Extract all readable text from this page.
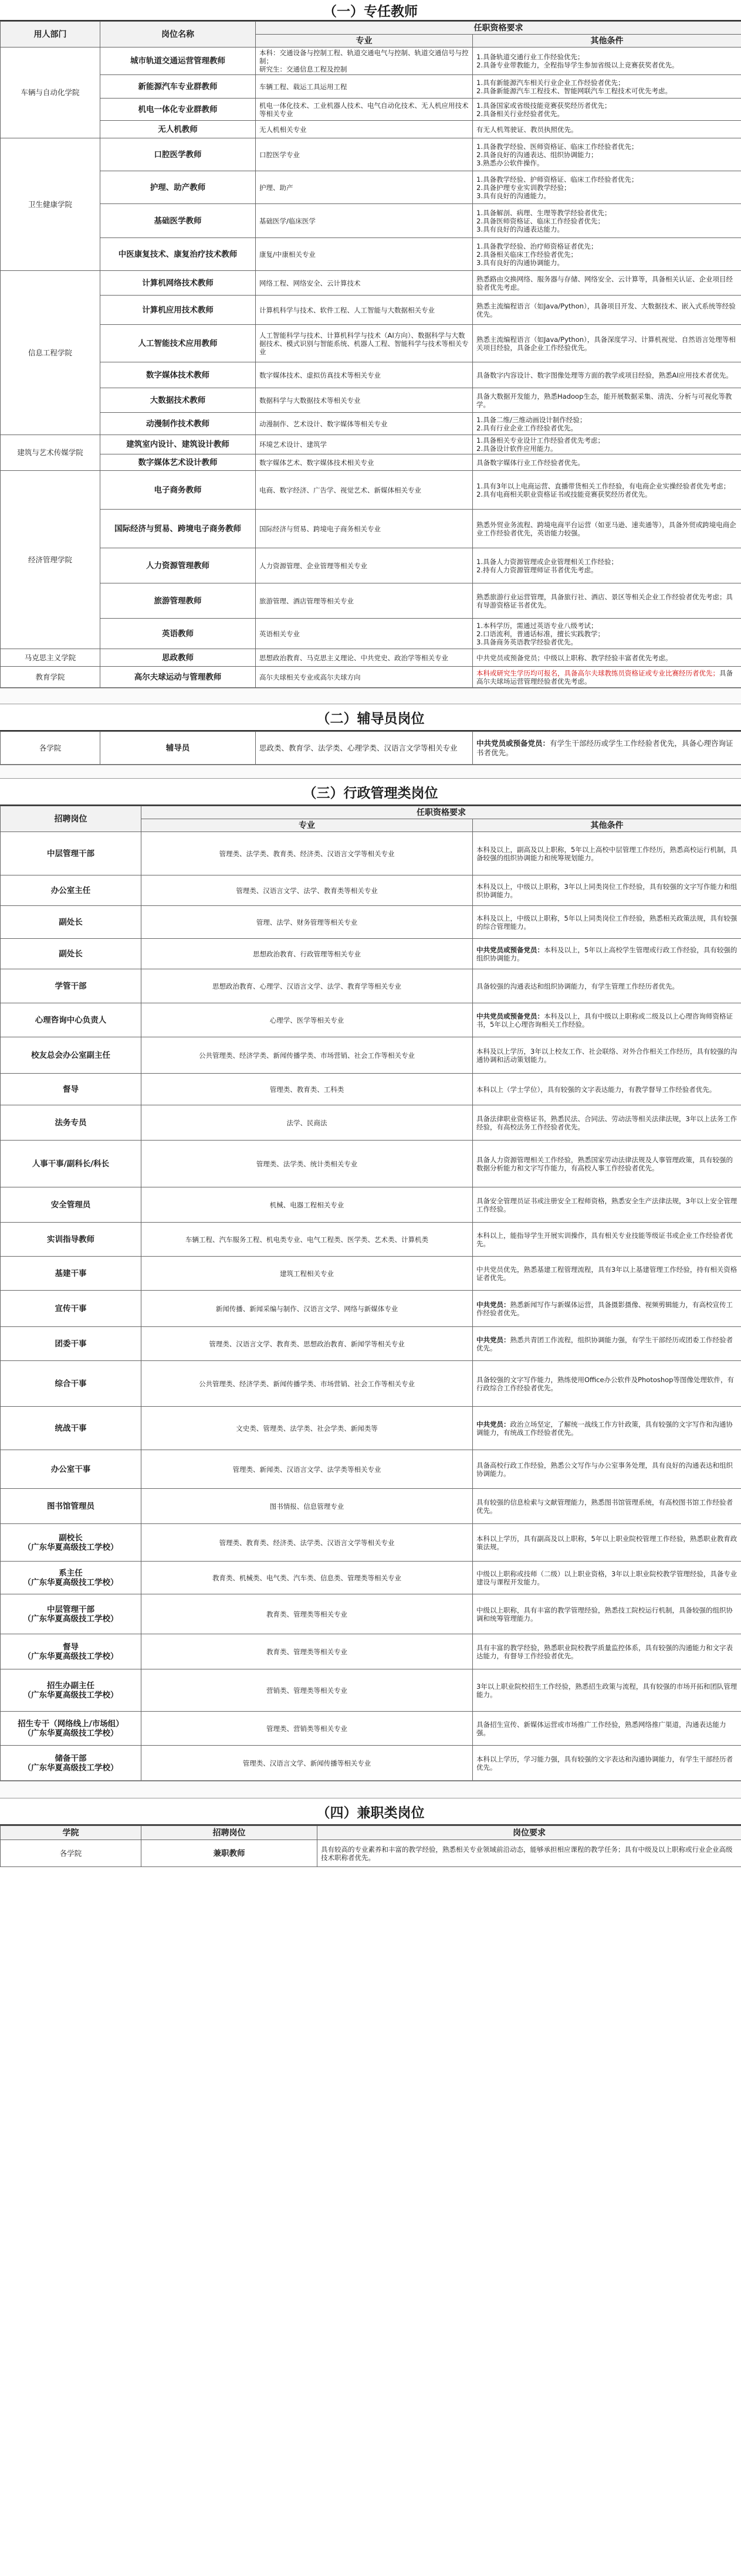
（一）专任教师
用人部门	岗位名称	任职资格要求	
		专业	其他条件
车辆与自动化学院	城市轨道交通运营管理教师	本科：交通设备与控制工程、轨道交通电气与控制、轨道交通信号与控制；
研究生：交通信息工程及控制	1.具备轨道交通行业工作经验优先；
2.具备专业带教能力，全程指导学生参加省级以上竞赛获奖者优先。
	新能源汽车专业群教师	车辆工程、载运工具运用工程	1.具有新能源汽车相关行业企业工作经验者优先；
2.具备新能源汽车工程技术、智能网联汽车工程技术可优先考虑。
	机电一体化专业群教师	机电一体化技术、工业机器人技术、电气自动化技术、无人机应用技术等相关专业	1.具备国家或省级技能竞赛获奖经历者优先；
2.具备相关行业经验者优先。
	无人机教师	无人机相关专业	有无人机驾驶证、教员执照优先。
卫生健康学院	口腔医学教师	口腔医学专业	1.具备教学经验、医师资格证、临床工作经验者优先；
2.具备良好的沟通表达、组织协调能力；
3.熟悉办公软件操作。
	护理、助产教师	护理、助产	1.具备教学经验、护师资格证、临床工作经验者优先；
2.具备护理专业实训教学经验；
3.具有良好的沟通能力。
	基础医学教师	基础医学/临床医学	1.具备解剖、病理、生理等教学经验者优先；
2.具备医师资格证、临床工作经验者优先；
3.具有良好的沟通表达能力。
	中医康复技术、康复治疗技术教师	康复/中康相关专业	1.具备教学经验、治疗师资格证者优先；
2.具备相关临床工作经验者优先；
3.具有良好的沟通协调能力。
信息工程学院	计算机网络技术教师	网络工程、网络安全、云计算技术	熟悉路由交换网络、服务器与存储、网络安全、云计算等，具备相关认证、企业项目经验者优先考虑。
	计算机应用技术教师	计算机科学与技术、软件工程、人工智能与大数据相关专业	熟悉主流编程语言（如Java/Python），具备项目开发、大数据技术、嵌入式系统等经验优先。
	人工智能技术应用教师	人工智能科学与技术、计算机科学与技术（AI方向）、数据科学与大数据技术、模式识别与智能系统、机器人工程、智能科学与技术等相关专业	熟悉主流编程语言（如Java/Python），具备深度学习、计算机视觉、自然语言处理等相关项目经验，具备企业工作经验优先。
	数字媒体技术教师	数字媒体技术、虚拟仿真技术等相关专业	具备数字内容设计、数字图像处理等方面的教学或项目经验，熟悉AI应用技术者优先。
	大数据技术教师	数据科学与大数据技术等相关专业	具备大数据开发能力，熟悉Hadoop生态，能开展数据采集、清洗、分析与可视化等教学。
	动漫制作技术教师	动漫制作、艺术设计、数字媒体等相关专业	1.具备二维/三维动画设计制作经验；
2.具有行业企业工作经验者优先。
建筑与艺术传媒学院	建筑室内设计、建筑设计教师	环境艺术设计、建筑学	1.具备相关专业设计工作经验者优先考虑；
2.具备设计软件应用能力。
	数字媒体艺术设计教师	数字媒体艺术、数字媒体技术相关专业	具备数字媒体行业工作经验者优先。
经济管理学院	电子商务教师	电商、数字经济、广告学、视觉艺术、新媒体相关专业	1.具有3年以上电商运营、直播带货相关工作经验，有电商企业实操经验者优先考虑；
2.具有电商相关职业资格证书或技能竞赛获奖经历者优先。
	国际经济与贸易、跨境电子商务教师	国际经济与贸易、跨境电子商务相关专业	熟悉外贸业务流程、跨境电商平台运营（如亚马逊、速卖通等），具备外贸或跨境电商企业工作经验者优先，英语能力较强。
	人力资源管理教师	人力资源管理、企业管理等相关专业	1.具备人力资源管理或企业管理相关工作经验；
2.持有人力资源管理师证书者优先考虑。
	旅游管理教师	旅游管理、酒店管理等相关专业	熟悉旅游行业运营管理，具备旅行社、酒店、景区等相关企业工作经验者优先考虑；具有导游资格证书者优先。
	英语教师	英语相关专业	1.本科学历，需通过英语专业八级考试；
2.口语流利，普通话标准，擅长实践教学；
3.具备商务英语教学经验者优先。
马克思主义学院	思政教师	思想政治教育、马克思主义理论、中共党史、政治学等相关专业	中共党员或预备党员；中级以上职称、教学经验丰富者优先考虑。
教育学院	高尔夫球运动与管理教师	高尔夫球相关专业或高尔夫球方向	本科或研究生学历均可报名，具备高尔夫球教练员资格证或专业比赛经历者优先；具备高尔夫球场运营管理经验者优先考虑。
（二）辅导员岗位
各学院	辅导员	思政类、教育学、法学类、心理学类、汉语言文学等相关专业	中共党员或预备党员：有学生干部经历或学生工作经验者优先，具备心理咨询证书者优先。
（三）行政管理类岗位
招聘岗位	任职资格要求	
	专业	其他条件
中层管理干部	管理类、法学类、教育类、经济类、汉语言文学等相关专业	本科及以上，副高及以上职称，5年以上高校中层管理工作经历，熟悉高校运行机制，具备较强的组织协调能力和统筹规划能力。
办公室主任	管理类、汉语言文学、法学、教育类等相关专业	本科及以上，中级以上职称，3年以上同类岗位工作经验，具有较强的文字写作能力和组织协调能力。
副处长	管理、法学、财务管理等相关专业	本科及以上，中级以上职称，5年以上同类岗位工作经验，熟悉相关政策法规，具有较强的综合管理能力。
副处长	思想政治教育、行政管理等相关专业	中共党员或预备党员：本科及以上，5年以上高校学生管理或行政工作经验，具有较强的组织协调能力。
学管干部	思想政治教育、心理学、汉语言文学、法学、教育学等相关专业	具备较强的沟通表达和组织协调能力，有学生管理工作经历者优先。
心理咨询中心负责人	心理学、医学等相关专业	中共党员或预备党员：本科及以上，具有中级以上职称或二级及以上心理咨询师资格证书，5年以上心理咨询相关工作经验。
校友总会办公室副主任	公共管理类、经济学类、新闻传播学类、市场营销、社会工作等相关专业	本科及以上学历，3年以上校友工作、社会联络、对外合作相关工作经历，具有较强的沟通协调和活动策划能力。
督导	管理类、教育类、工科类	本科以上（学士学位），具有较强的文字表达能力，有教学督导工作经验者优先。
法务专员	法学、民商法	具备法律职业资格证书，熟悉民法、合同法、劳动法等相关法律法规，3年以上法务工作经验，有高校法务工作经验者优先。
人事干事/副科长/科长	管理类、法学类、统计类相关专业	具备人力资源管理相关工作经验，熟悉国家劳动法律法规及人事管理政策，具有较强的数据分析能力和文字写作能力，有高校人事工作经验者优先。
安全管理员	机械、电器工程相关专业	具备安全管理员证书或注册安全工程师资格，熟悉安全生产法律法规，3年以上安全管理工作经验。
实训指导教师	车辆工程、汽车服务工程、机电类专业、电气工程类、医学类、艺术类、计算机类	本科以上，能指导学生开展实训操作，具有相关专业技能等级证书或企业工作经验者优先。
基建干事	建筑工程相关专业	中共党员优先，熟悉基建工程管理流程，具有3年以上基建管理工作经验，持有相关资格证者优先。
宣传干事	新闻传播、新闻采编与制作、汉语言文学、网络与新媒体专业	中共党员：熟悉新闻写作与新媒体运营，具备摄影摄像、视频剪辑能力，有高校宣传工作经验者优先。
团委干事	管理类、汉语言文学、教育类、思想政治教育、新闻学等相关专业	中共党员：熟悉共青团工作流程，组织协调能力强，有学生干部经历或团委工作经验者优先。
综合干事	公共管理类、经济学类、新闻传播学类、市场营销、社会工作等相关专业	具备较强的文字写作能力，熟练使用Office办公软件及Photoshop等图像处理软件，有行政综合工作经验者优先。
统战干事	文史类、管理类、法学类、社会学类、新闻类等	中共党员：政治立场坚定，了解统一战线工作方针政策，具有较强的文字写作和沟通协调能力，有统战工作经验者优先。
办公室干事	管理类、新闻类、汉语言文学、法学类等相关专业	具备高校行政工作经验，熟悉公文写作与办公室事务处理，具有良好的沟通表达和组织协调能力。
图书馆管理员	图书情报、信息管理专业	具有较强的信息检索与文献管理能力，熟悉图书馆管理系统，有高校图书馆工作经验者优先。
副校长
（广东华夏高级技工学校）	管理类、教育类、经济类、法学类、汉语言文学等相关专业	本科以上学历，具有副高及以上职称，5年以上职业院校管理工作经验，熟悉职业教育政策法规。
系主任
（广东华夏高级技工学校）	教育类、机械类、电气类、汽车类、信息类、管理类等相关专业	中级以上职称或技师（二级）以上职业资格，3年以上职业院校教学管理经验，具备专业建设与课程开发能力。
中层管理干部
（广东华夏高级技工学校）	教育类、管理类等相关专业	中级以上职称，具有丰富的教学管理经验，熟悉技工院校运行机制，具备较强的组织协调和统筹管理能力。
督导
（广东华夏高级技工学校）	教育类、管理类等相关专业	具有丰富的教学经验，熟悉职业院校教学质量监控体系，具有较强的沟通能力和文字表达能力，有督导工作经验者优先。
招生办副主任
（广东华夏高级技工学校）	营销类、管理类等相关专业	3年以上职业院校招生工作经验，熟悉招生政策与流程，具有较强的市场开拓和团队管理能力。
招生专干（网络线上/市场组）
（广东华夏高级技工学校）	管理类、营销类等相关专业	具备招生宣传、新媒体运营或市场推广工作经验，熟悉网络推广渠道，沟通表达能力强。
储备干部
（广东华夏高级技工学校）	管理类、汉语言文学、新闻传播等相关专业	本科以上学历，学习能力强，具有较强的文字表达和沟通协调能力，有学生干部经历者优先。
（四）兼职类岗位
学院	招聘岗位	岗位要求
各学院	兼职教师	具有较高的专业素养和丰富的教学经验，熟悉相关专业领域前沿动态，能够承担相应课程的教学任务；具有中级及以上职称或行业企业高级技术职称者优先。
